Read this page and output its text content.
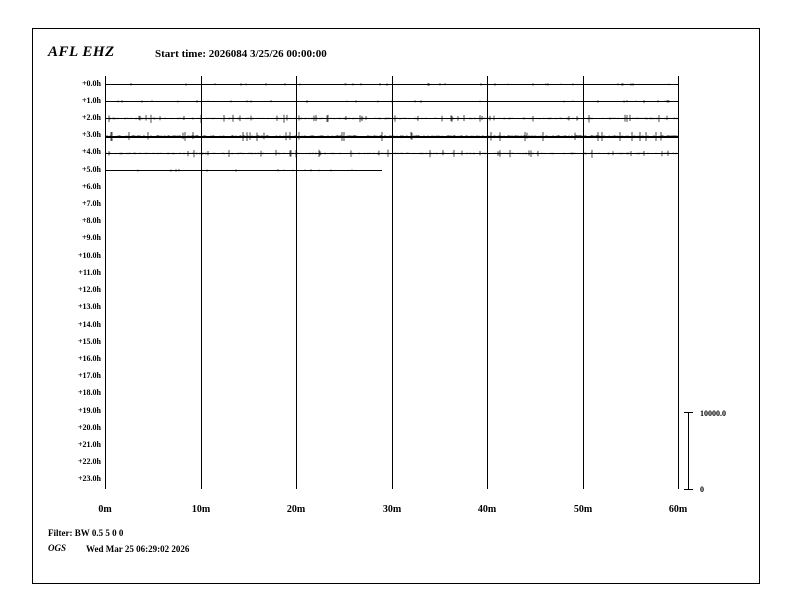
AFL EHZ	Start time: 2026084 3/25/26 00:00:00
+0.0h
+1.0h
+2.0h
+3.0h
+4.0h
+5.0h
+6.0h
+7.0h
+8.0h
+9.0h
+10.0h
+11.0h
+12.0h
+13.0h
+14.0h
+15.0h
+16.0h
+17.0h
+18.0h
+19.0h
+20.0h
+21.0h
+22.0h
+23.0h
0m	10m	20m	30m	40m	50m	60m
10000.0
0
Filter: BW 0.5 5 0 0
OGS Wed Mar 25 06:29:02 2026
